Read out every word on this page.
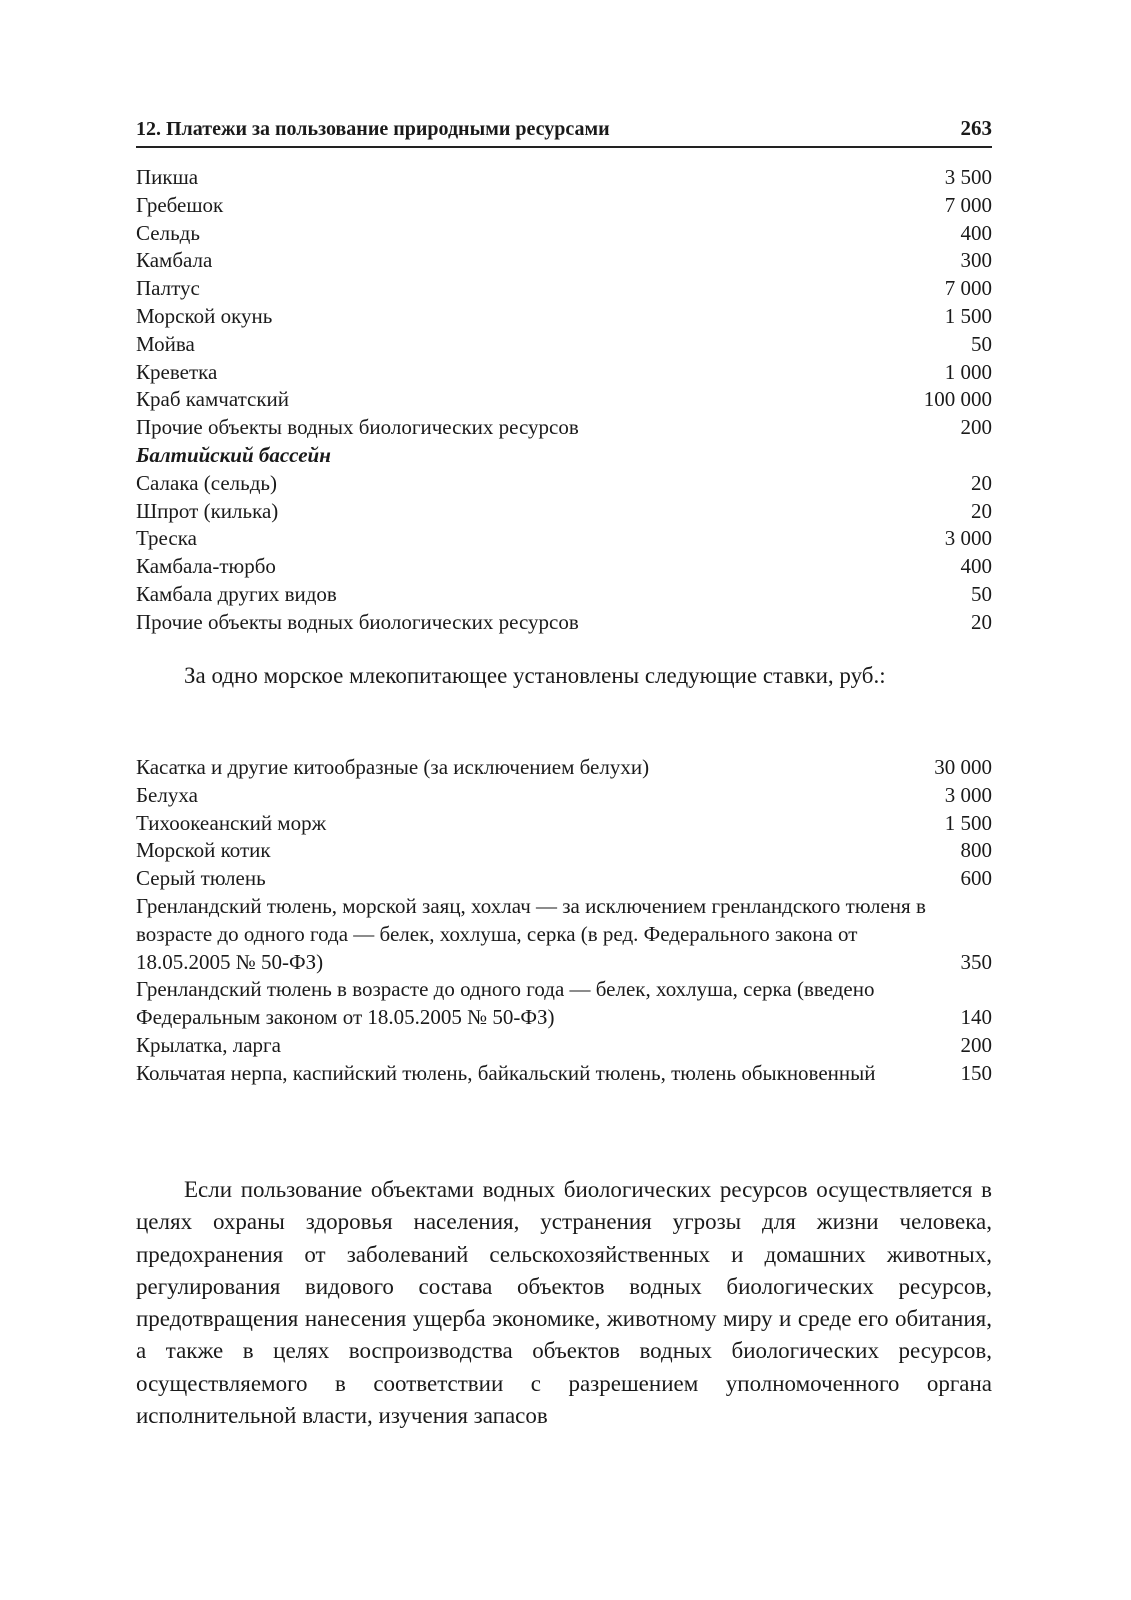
12. Платежи за пользование природными ресурсами	263
Пикша	3 500
Гребешок	7 000
Сельдь	400
Камбала	300
Палтус	7 000
Морской окунь	1 500
Мойва	50
Креветка	1 000
Краб камчатский	100 000
Прочие объекты водных биологических ресурсов	200
Балтийский бассейн
Салака (сельдь)	20
Шпрот (килька)	20
Треска	3 000
Камбала-тюрбо	400
Камбала других видов	50
Прочие объекты водных биологических ресурсов	20

За одно морское млекопитающее установлены следующие ставки, руб.:

Касатка и другие китообразные (за исключением белухи)	30 000
Белуха	3 000
Тихоокеанский морж	1 500
Морской котик	800
Серый тюлень	600
Гренландский тюлень, морской заяц, хохлач — за исключением гренландского тюленя в возрасте до одного года — белек, хохлуша, серка (в ред. Федерального закона от 18.05.2005 № 50-ФЗ)	350
Гренландский тюлень в возрасте до одного года — белек, хохлуша, серка (введено Федеральным законом от 18.05.2005 № 50-ФЗ)	140
Крылатка, ларга	200
Кольчатая нерпа, каспийский тюлень, байкальский тюлень, тюлень обыкновенный	150

Если пользование объектами водных биологических ресурсов осуществляется в целях охраны здоровья населения, устранения угрозы для жизни человека, предохранения от заболеваний сельскохозяйственных и домашних животных, регулирования видового состава объектов водных биологических ресурсов, предотвращения нанесения ущерба экономике, животному миру и среде его обитания, а также в целях воспроизводства объектов водных биологических ресурсов, осуществляемого в соответствии с разрешением уполномоченного органа исполнительной власти, изучения запасов
